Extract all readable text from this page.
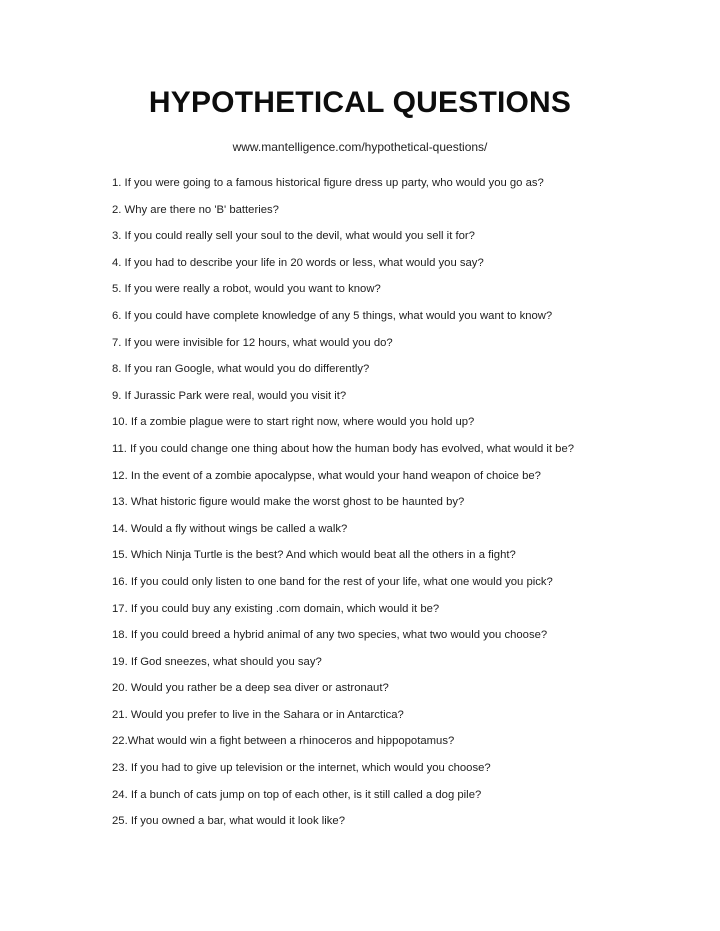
HYPOTHETICAL QUESTIONS
www.mantelligence.com/hypothetical-questions/
1. If you were going to a famous historical figure dress up party, who would you go as?
2. Why are there no 'B' batteries?
3. If you could really sell your soul to the devil, what would you sell it for?
4. If you had to describe your life in 20 words or less, what would you say?
5. If you were really a robot, would you want to know?
6. If you could have complete knowledge of any 5 things, what would you want to know?
7. If you were invisible for 12 hours, what would you do?
8. If you ran Google, what would you do differently?
9. If Jurassic Park were real, would you visit it?
10. If a zombie plague were to start right now, where would you hold up?
11. If you could change one thing about how the human body has evolved, what would it be?
12. In the event of a zombie apocalypse, what would your hand weapon of choice be?
13. What historic figure would make the worst ghost to be haunted by?
14. Would a fly without wings be called a walk?
15. Which Ninja Turtle is the best? And which would beat all the others in a fight?
16. If you could only listen to one band for the rest of your life, what one would you pick?
17. If you could buy any existing .com domain, which would it be?
18. If you could breed a hybrid animal of any two species, what two would you choose?
19. If God sneezes, what should you say?
20. Would you rather be a deep sea diver or astronaut?
21. Would you prefer to live in the Sahara or in Antarctica?
22.What would win a fight between a rhinoceros and hippopotamus?
23. If you had to give up television or the internet, which would you choose?
24. If a bunch of cats jump on top of each other, is it still called a dog pile?
25. If you owned a bar, what would it look like?
